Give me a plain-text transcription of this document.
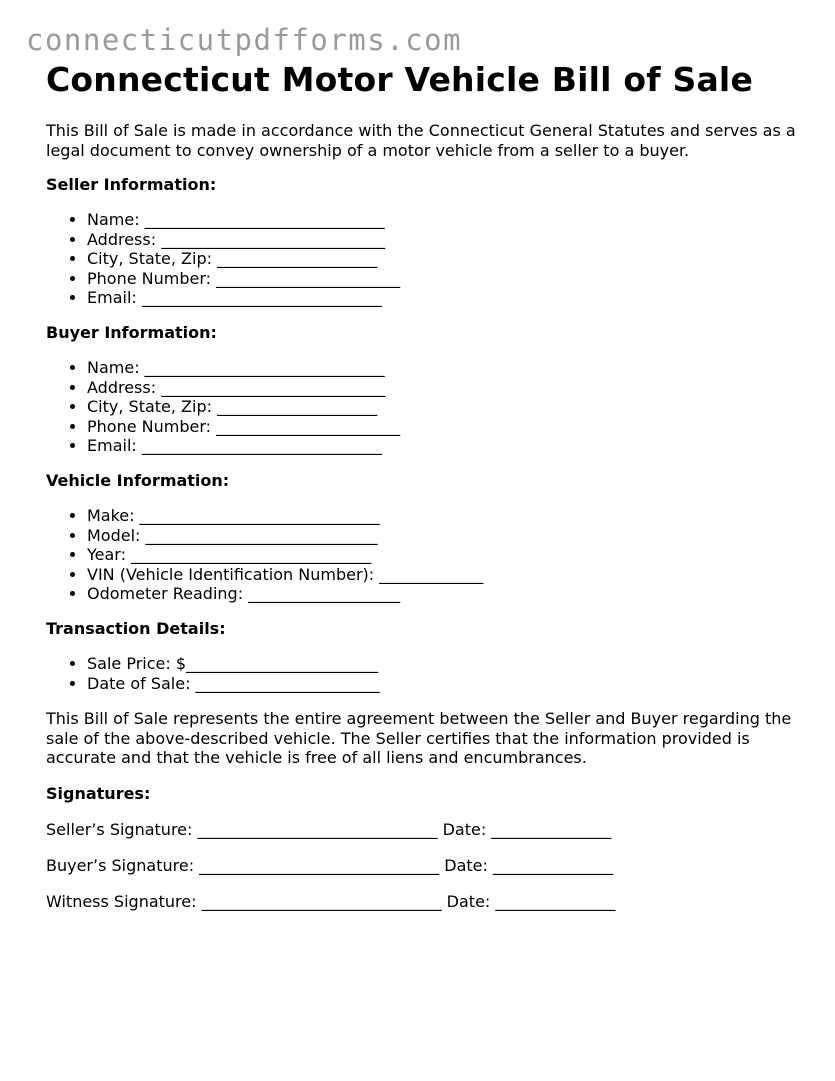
connecticutpdfforms.com
Connecticut Motor Vehicle Bill of Sale

This Bill of Sale is made in accordance with the Connecticut General Statutes and serves as a legal document to convey ownership of a motor vehicle from a seller to a buyer.

Seller Information:
• Name: ______________________________
• Address: ____________________________
• City, State, Zip: ____________________
• Phone Number: _______________________
• Email: ______________________________
Buyer Information:
• Name: ______________________________
• Address: ____________________________
• City, State, Zip: ____________________
• Phone Number: _______________________
• Email: ______________________________
Vehicle Information:
• Make: ______________________________
• Model: _____________________________
• Year: ______________________________
• VIN (Vehicle Identification Number): _____________
• Odometer Reading: ___________________
Transaction Details:
• Sale Price: $________________________
• Date of Sale: _______________________

This Bill of Sale represents the entire agreement between the Seller and Buyer regarding the sale of the above-described vehicle. The Seller certifies that the information provided is accurate and that the vehicle is free of all liens and encumbrances.

Signatures:
Seller’s Signature: ______________________________ Date: _______________
Buyer’s Signature: ______________________________ Date: _______________
Witness Signature: ______________________________ Date: _______________
